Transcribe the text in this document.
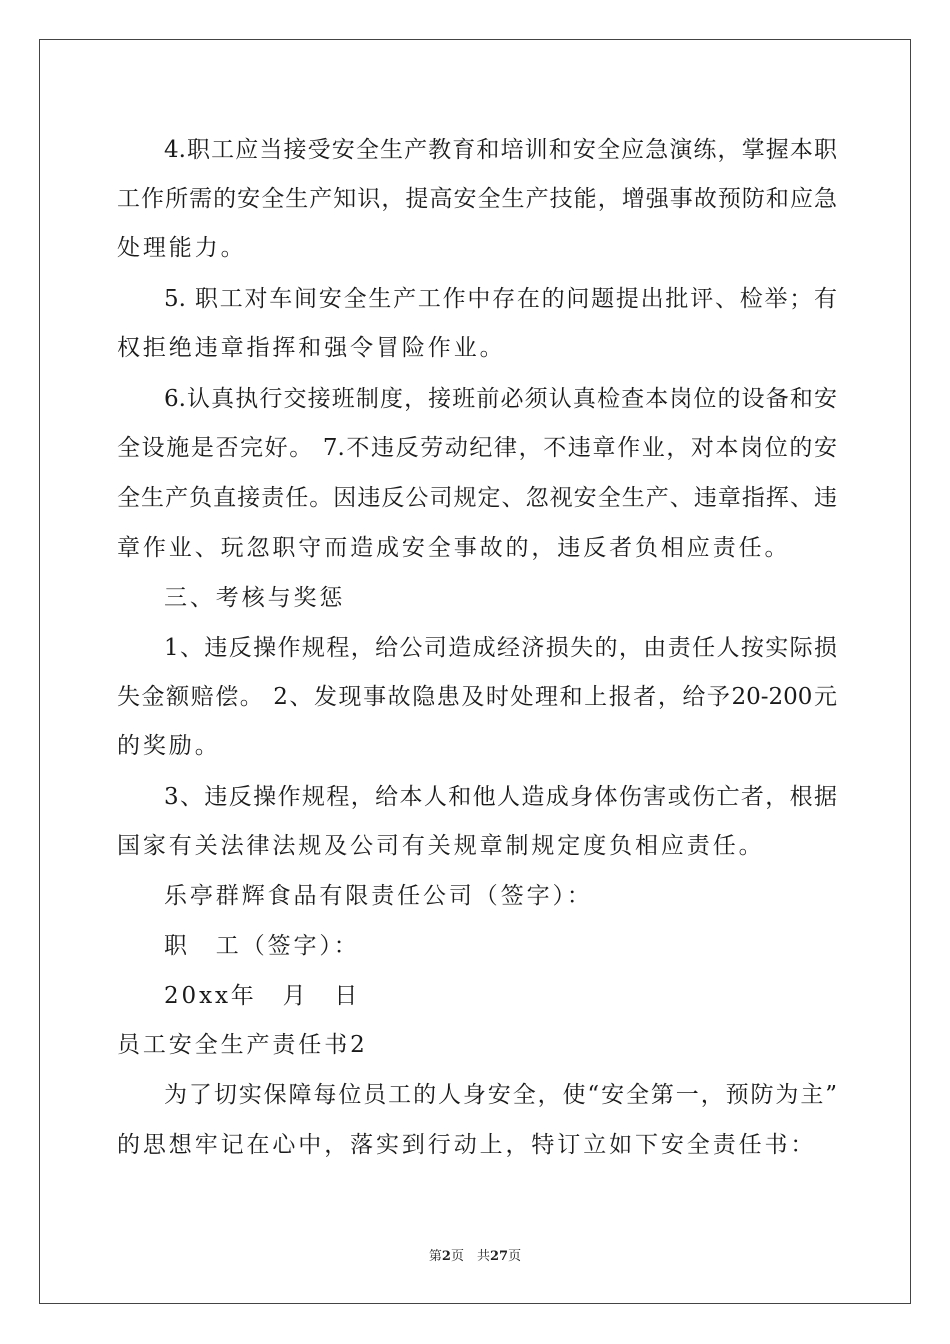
4.职工应当接受安全生产教育和培训和安全应急演练，掌握本职
工作所需的安全生产知识，提高安全生产技能，增强事故预防和应急
处理能力。
5. 职工对车间安全生产工作中存在的问题提出批评、检举；有
权拒绝违章指挥和强令冒险作业。
6.认真执行交接班制度，接班前必须认真检查本岗位的设备和安
全设施是否完好。 7.不违反劳动纪律，不违章作业，对本岗位的安
全生产负直接责任。因违反公司规定、忽视安全生产、违章指挥、违
章作业、玩忽职守而造成安全事故的，违反者负相应责任。
三、考核与奖惩
1、违反操作规程，给公司造成经济损失的，由责任人按实际损
失金额赔偿。 2、发现事故隐患及时处理和上报者，给予20-200元
的奖励。
3、违反操作规程，给本人和他人造成身体伤害或伤亡者，根据
国家有关法律法规及公司有关规章制规定度负相应责任。
乐亭群辉食品有限责任公司（签字）：
职　工（签字）：
20xx年　月　日
员工安全生产责任书2
为了切实保障每位员工的人身安全，使“安全第一，预防为主”
的思想牢记在心中，落实到行动上，特订立如下安全责任书：
第2页　共27页
